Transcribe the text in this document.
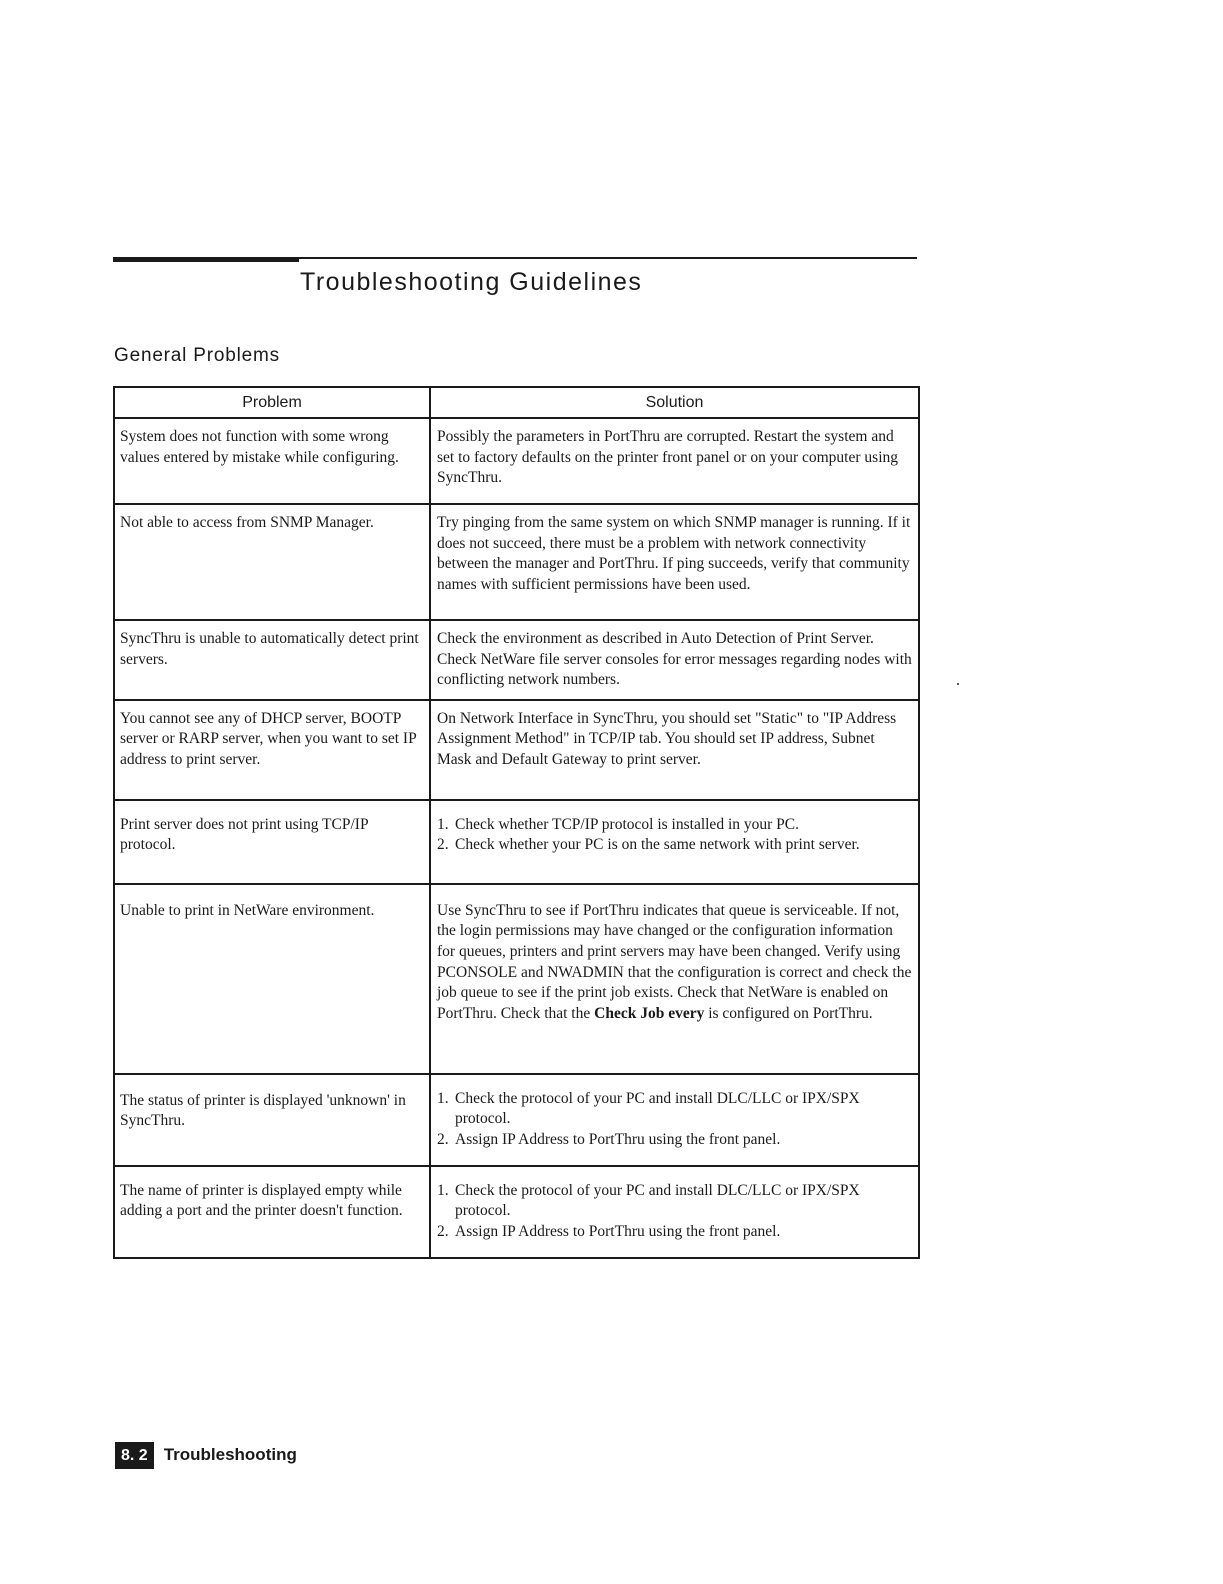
Troubleshooting Guidelines
General Problems
Problem	Solution
System does not function with some wrong values entered by mistake while configuring.	Possibly the parameters in PortThru are corrupted. Restart the system and set to factory defaults on the printer front panel or on your computer using SyncThru.
Not able to access from SNMP Manager.	Try pinging from the same system on which SNMP manager is running. If it does not succeed, there must be a problem with network connectivity between the manager and PortThru. If ping succeeds, verify that community names with sufficient permissions have been used.
SyncThru is unable to automatically detect print servers.	Check the environment as described in Auto Detection of Print Server. Check NetWare file server consoles for error messages regarding nodes with conflicting network numbers.
You cannot see any of DHCP server, BOOTP server or RARP server, when you want to set IP address to print server.	On Network Interface in SyncThru, you should set "Static" to "IP Address Assignment Method" in TCP/IP tab. You should set IP address, Subnet Mask and Default Gateway to print server.
Print server does not print using TCP/IP protocol.	1. Check whether TCP/IP protocol is installed in your PC.
2. Check whether your PC is on the same network with print server.

Unable to print in NetWare environment.	Use SyncThru to see if PortThru indicates that queue is serviceable. If not, the login permissions may have changed or the configuration information for queues, printers and print servers may have been changed. Verify using PCONSOLE and NWADMIN that the configuration is correct and check the job queue to see if the print job exists. Check that NetWare is enabled on PortThru. Check that the Check Job every is configured on PortThru.
The status of printer is displayed 'unknown' in SyncThru.	1. Check the protocol of your PC and install DLC/LLC or IPX/SPX protocol.
2. Assign IP Address to PortThru using the front panel.

The name of printer is displayed empty while adding a port and the printer doesn't function.	1. Check the protocol of your PC and install DLC/LLC or IPX/SPX protocol.
2. Assign IP Address to PortThru using the front panel.
8. 2 Troubleshooting
